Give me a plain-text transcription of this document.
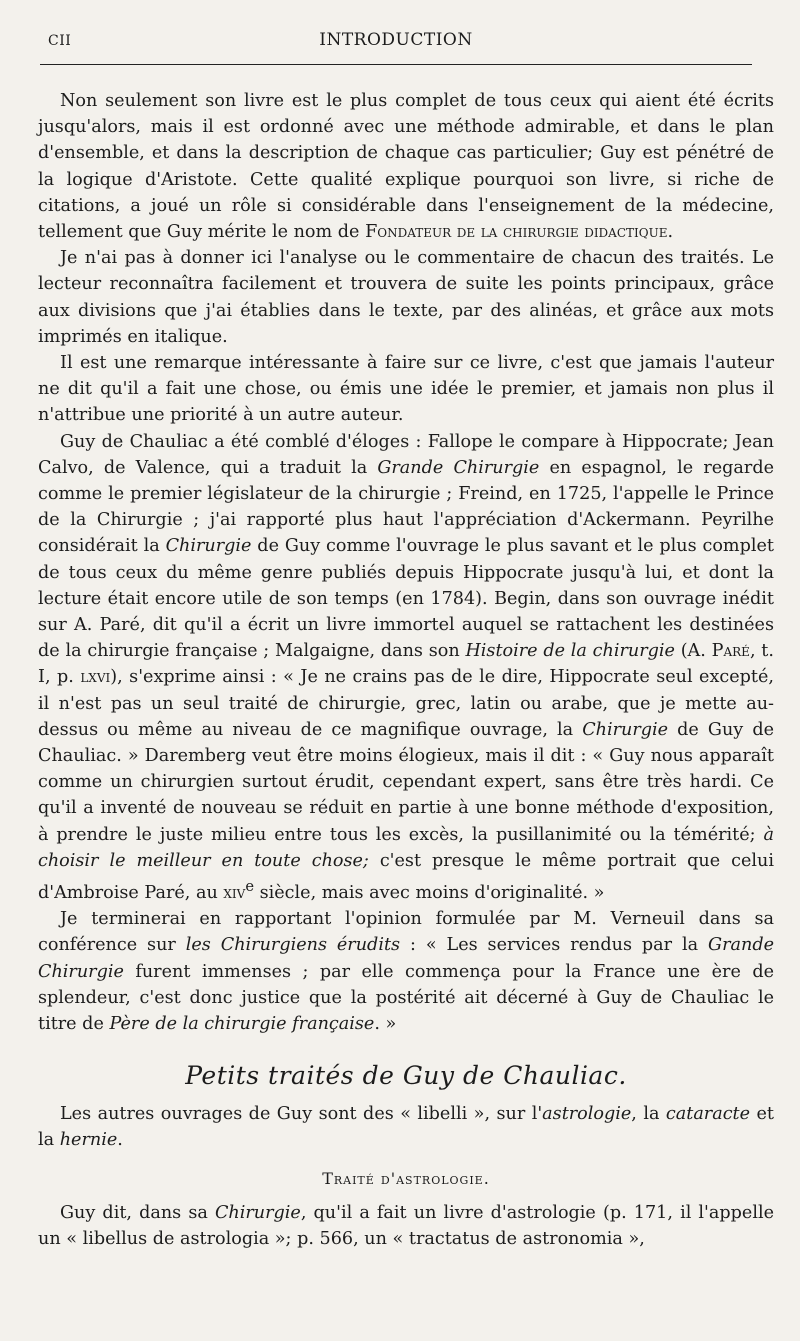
CII	INTRODUCTION

Non seulement son livre est le plus complet de tous ceux qui aient été écrits jusqu'alors, mais il est ordonné avec une méthode admirable, et dans le plan d'ensemble, et dans la description de chaque cas particulier; Guy est pénétré de la logique d'Aristote. Cette qualité explique pourquoi son livre, si riche de citations, a joué un rôle si considérable dans l'enseignement de la médecine, tellement que Guy mérite le nom de Fondateur de la chirurgie didactique.

Je n'ai pas à donner ici l'analyse ou le commentaire de chacun des traités. Le lecteur reconnaîtra facilement et trouvera de suite les points principaux, grâce aux divisions que j'ai établies dans le texte, par des alinéas, et grâce aux mots imprimés en italique.

Il est une remarque intéressante à faire sur ce livre, c'est que jamais l'auteur ne dit qu'il a fait une chose, ou émis une idée le premier, et jamais non plus il n'attribue une priorité à un autre auteur.

Guy de Chauliac a été comblé d'éloges : Fallope le compare à Hippocrate; Jean Calvo, de Valence, qui a traduit la Grande Chirurgie en espagnol, le regarde comme le premier législateur de la chirurgie ; Freind, en 1725, l'appelle le Prince de la Chirurgie ; j'ai rapporté plus haut l'appréciation d'Ackermann. Peyrilhe considérait la Chirurgie de Guy comme l'ouvrage le plus savant et le plus complet de tous ceux du même genre publiés depuis Hippocrate jusqu'à lui, et dont la lecture était encore utile de son temps (en 1784). Begin, dans son ouvrage inédit sur A. Paré, dit qu'il a écrit un livre immortel auquel se rattachent les destinées de la chirurgie française ; Malgaigne, dans son Histoire de la chirurgie (A. Paré, t. I, p. lxvi), s'exprime ainsi : « Je ne crains pas de le dire, Hippocrate seul excepté, il n'est pas un seul traité de chirurgie, grec, latin ou arabe, que je mette au-dessus ou même au niveau de ce magnifique ouvrage, la Chirurgie de Guy de Chauliac. » Daremberg veut être moins élogieux, mais il dit : « Guy nous apparaît comme un chirurgien surtout érudit, cependant expert, sans être très hardi. Ce qu'il a inventé de nouveau se réduit en partie à une bonne méthode d'exposition, à prendre le juste milieu entre tous les excès, la pusillanimité ou la témérité; à choisir le meilleur en toute chose; c'est presque le même portrait que celui d'Ambroise Paré, au xiv$^e$ siècle, mais avec moins d'originalité. »

Je terminerai en rapportant l'opinion formulée par M. Verneuil dans sa conférence sur les Chirurgiens érudits : « Les services rendus par la Grande Chirurgie furent immenses ; par elle commença pour la France une ère de splendeur, c'est donc justice que la postérité ait décerné à Guy de Chauliac le titre de Père de la chirurgie française. »

Petits traités de Guy de Chauliac.

Les autres ouvrages de Guy sont des « libelli », sur l'astrologie, la cataracte et la hernie.

Traité d'astrologie.

Guy dit, dans sa Chirurgie, qu'il a fait un livre d'astrologie (p. 171, il l'appelle un « libellus de astrologia »; p. 566, un « tractatus de astronomia »,
